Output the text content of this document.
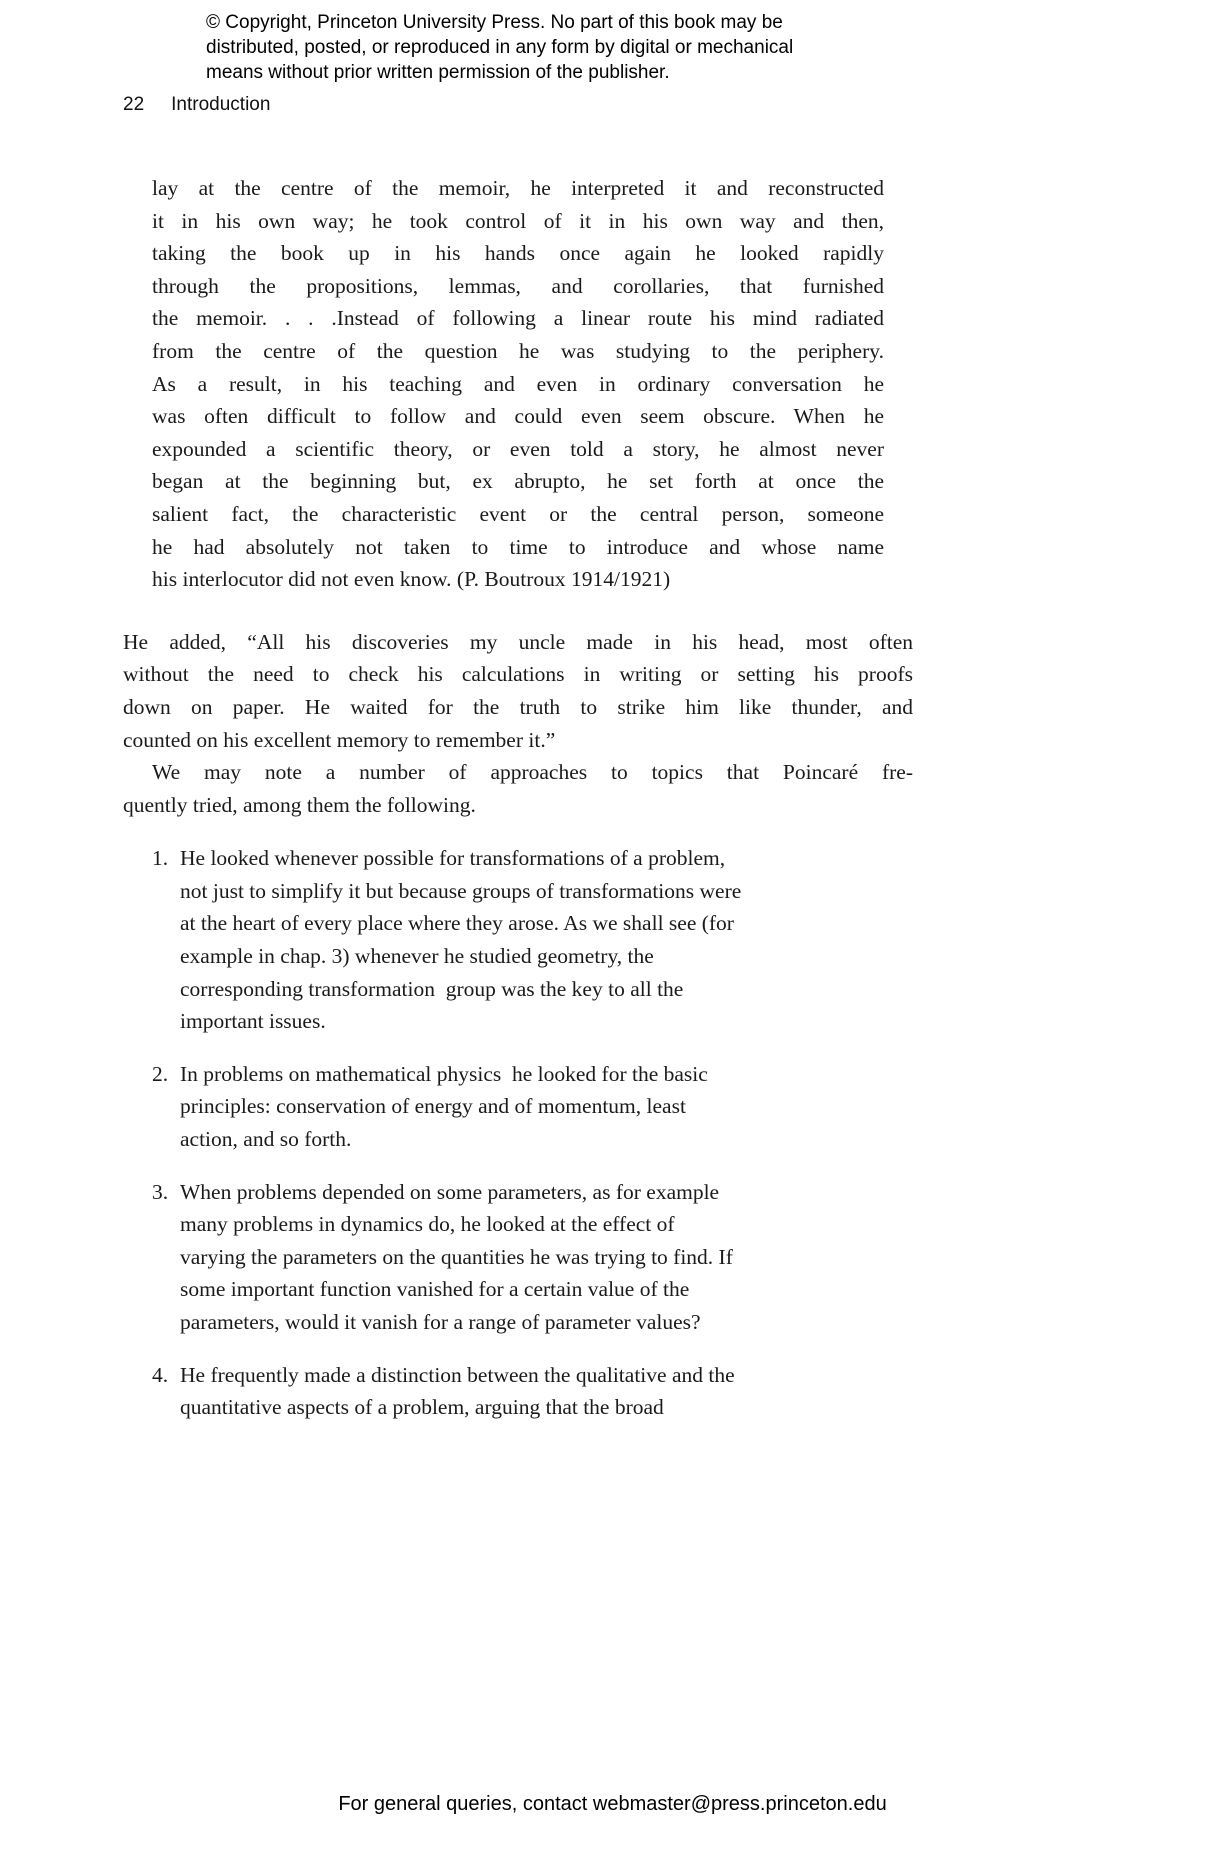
© Copyright, Princeton University Press. No part of this book may be
distributed, posted, or reproduced in any form by digital or mechanical
means without prior written permission of the publisher.
22 Introduction
lay at the centre of the memoir, he interpreted it and reconstructed
it in his own way; he took control of it in his own way and then,
taking the book up in his hands once again he looked rapidly
through the propositions, lemmas, and corollaries, that furnished
the memoir. . . .Instead of following a linear route his mind radiated
from the centre of the question he was studying to the periphery.
As a result, in his teaching and even in ordinary conversation he
was often difficult to follow and could even seem obscure. When he
expounded a scientific theory, or even told a story, he almost never
began at the beginning but, ex abrupto, he set forth at once the
salient fact, the characteristic event or the central person, someone
he had absolutely not taken to time to introduce and whose name
his interlocutor did not even know. (P. Boutroux 1914/1921)
He added, “All his discoveries my uncle made in his head, most often
without the need to check his calculations in writing or setting his proofs
down on paper. He waited for the truth to strike him like thunder, and
counted on his excellent memory to remember it.”
We may note a number of approaches to topics that Poincaré fre-
quently tried, among them the following.
1. He looked whenever possible for transformations of a problem,
not just to simplify it but because groups of transformations were
at the heart of every place where they arose. As we shall see (for
example in chap. 3) whenever he studied geometry, the
corresponding transformation  group was the key to all the
important issues.
2. In problems on mathematical physics  he looked for the basic
principles: conservation of energy and of momentum, least
action, and so forth.
3. When problems depended on some parameters, as for example
many problems in dynamics do, he looked at the effect of
varying the parameters on the quantities he was trying to find. If
some important function vanished for a certain value of the
parameters, would it vanish for a range of parameter values?
4. He frequently made a distinction between the qualitative and the
quantitative aspects of a problem, arguing that the broad
For general queries, contact webmaster@press.princeton.edu
